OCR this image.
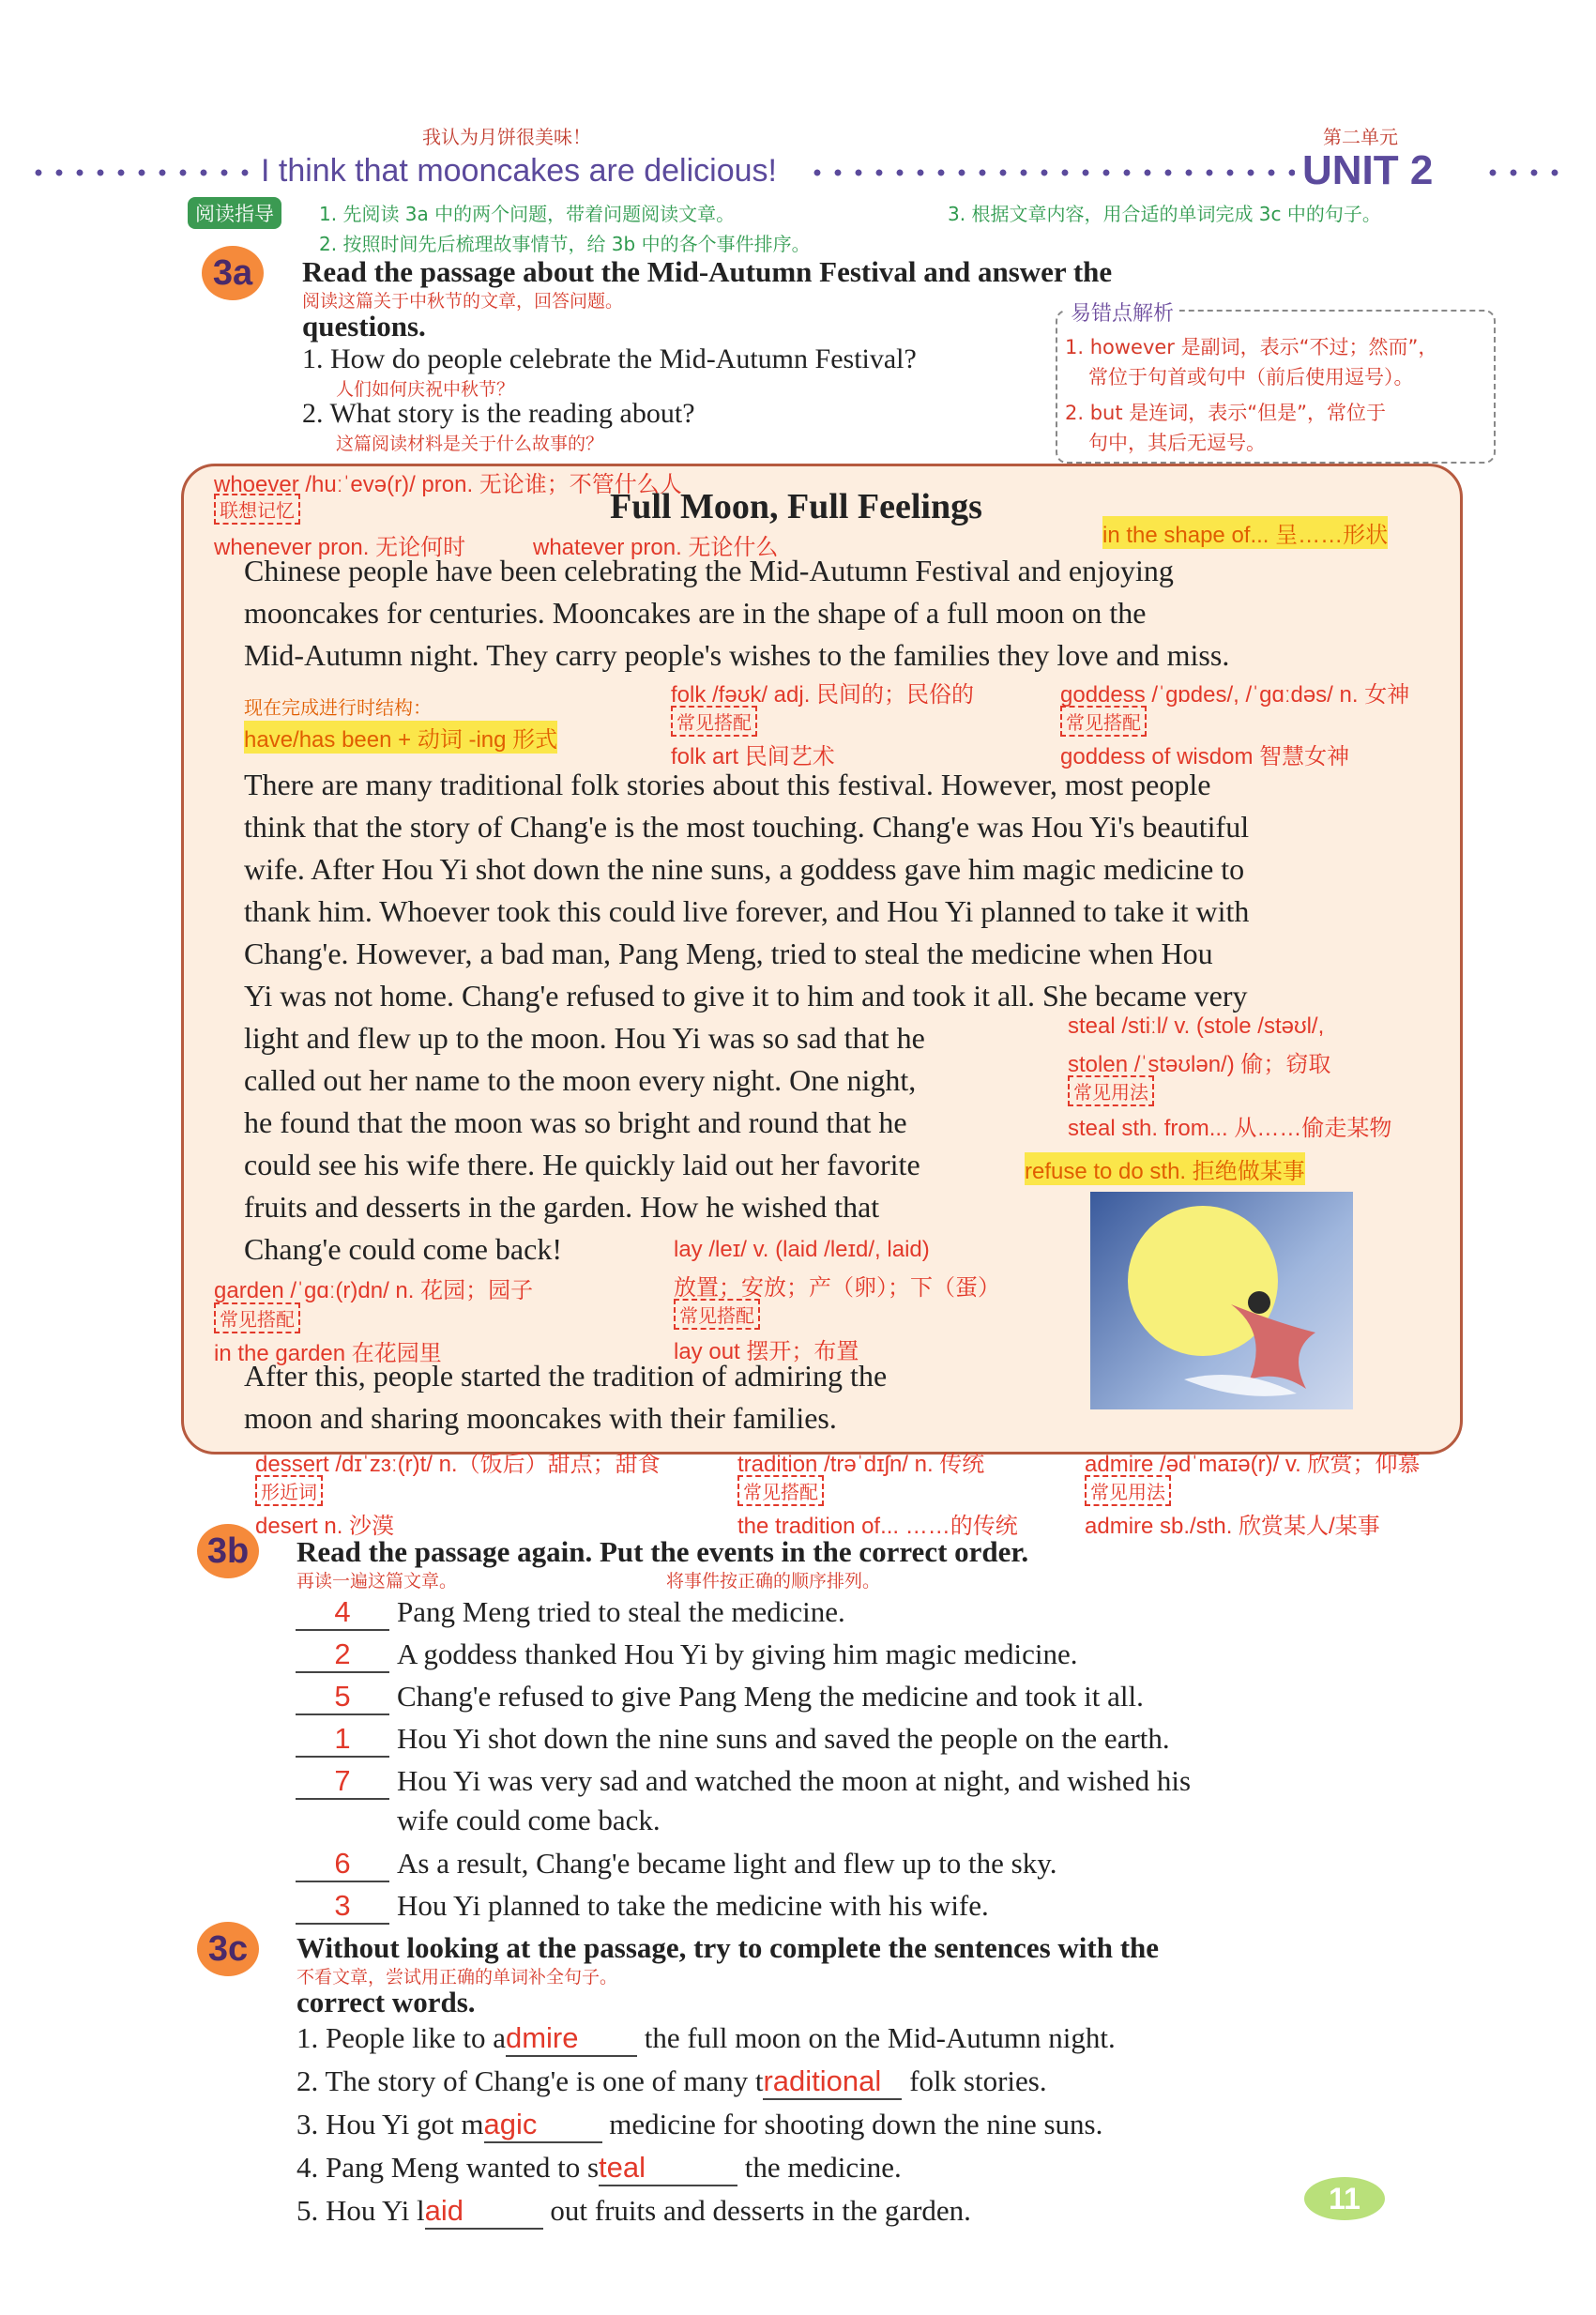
我认为月饼很美味！	第二单元
I think that mooncakes are delicious!	UNIT 2
阅读指导	1. 先阅读 3a 中的两个问题，带着问题阅读文章。
2. 按照时间先后梳理故事情节，给 3b 中的各个事件排序。
3. 根据文章内容，用合适的单词完成 3c 中的句子。
3a	Read the passage about the Mid-Autumn Festival and answer the
阅读这篇关于中秋节的文章，回答问题。
questions.
1. How do people celebrate the Mid-Autumn Festival?
人们如何庆祝中秋节？
2. What story is the reading about?
这篇阅读材料是关于什么故事的？
易错点解析
1. however 是副词，表示“不过；然而”，
常位于句首或句中（前后使用逗号）。
2. but 是连词，表示“但是”，常位于
句中，其后无逗号。
whoever /huːˈevə(r)/ pron. 无论谁；不管什么人
联想记忆	Full Moon, Full Feelings
whenever pron. 无论何时	whatever pron. 无论什么	in the shape of... 呈……形状
Chinese people have been celebrating the Mid-Autumn Festival and enjoying
mooncakes for centuries. Mooncakes are in the shape of a full moon on the
Mid-Autumn night. They carry people's wishes to the families they love and miss.
现在完成进行时结构：
have/has been + 动词 -ing 形式
folk /fəʊk/ adj. 民间的；民俗的
常见搭配
folk art 民间艺术
goddess /ˈɡɒdes/, /ˈɡɑːdəs/ n. 女神
常见搭配
goddess of wisdom 智慧女神
There are many traditional folk stories about this festival. However, most people
think that the story of Chang'e is the most touching. Chang'e was Hou Yi's beautiful
wife. After Hou Yi shot down the nine suns, a goddess gave him magic medicine to
thank him. Whoever took this could live forever, and Hou Yi planned to take it with
Chang'e. However, a bad man, Pang Meng, tried to steal the medicine when Hou
Yi was not home. Chang'e refused to give it to him and took it all. She became very
light and flew up to the moon. Hou Yi was so sad that he
called out her name to the moon every night. One night,
he found that the moon was so bright and round that he
could see his wife there. He quickly laid out her favorite
fruits and desserts in the garden. How he wished that
Chang'e could come back!
steal /stiːl/ v. (stole /stəʊl/,
stolen /ˈstəʊlən/) 偷；窃取
常见用法
steal sth. from... 从……偷走某物
refuse to do sth. 拒绝做某事
garden /ˈɡɑː(r)dn/ n. 花园；园子
常见搭配
in the garden 在花园里
lay /leɪ/ v. (laid /leɪd/, laid)
放置；安放；产（卵）；下（蛋）
常见搭配
lay out 摆开；布置
After this, people started the tradition of admiring the
moon and sharing mooncakes with their families.
dessert /dɪˈzɜː(r)t/ n.（饭后）甜点；甜食
形近词
desert n. 沙漠
tradition /trəˈdɪʃn/ n. 传统
常见搭配
the tradition of... ……的传统
admire /ədˈmaɪə(r)/ v. 欣赏；仰慕
常见用法
admire sb./sth. 欣赏某人/某事
3b	Read the passage again. Put the events in the correct order.
再读一遍这篇文章。	将事件按正确的顺序排列。
4 Pang Meng tried to steal the medicine.
2 A goddess thanked Hou Yi by giving him magic medicine.
5 Chang'e refused to give Pang Meng the medicine and took it all.
1 Hou Yi shot down the nine suns and saved the people on the earth.
7 Hou Yi was very sad and watched the moon at night, and wished his
wife could come back.
6 As a result, Chang'e became light and flew up to the sky.
3 Hou Yi planned to take the medicine with his wife.
3c	Without looking at the passage, try to complete the sentences with the
不看文章，尝试用正确的单词补全句子。
correct words.
1. People like to admire the full moon on the Mid-Autumn night.
2. The story of Chang'e is one of many traditional folk stories.
3. Hou Yi got magic medicine for shooting down the nine suns.
4. Pang Meng wanted to steal	the medicine.
5. Hou Yi laid	out fruits and desserts in the garden.	11
